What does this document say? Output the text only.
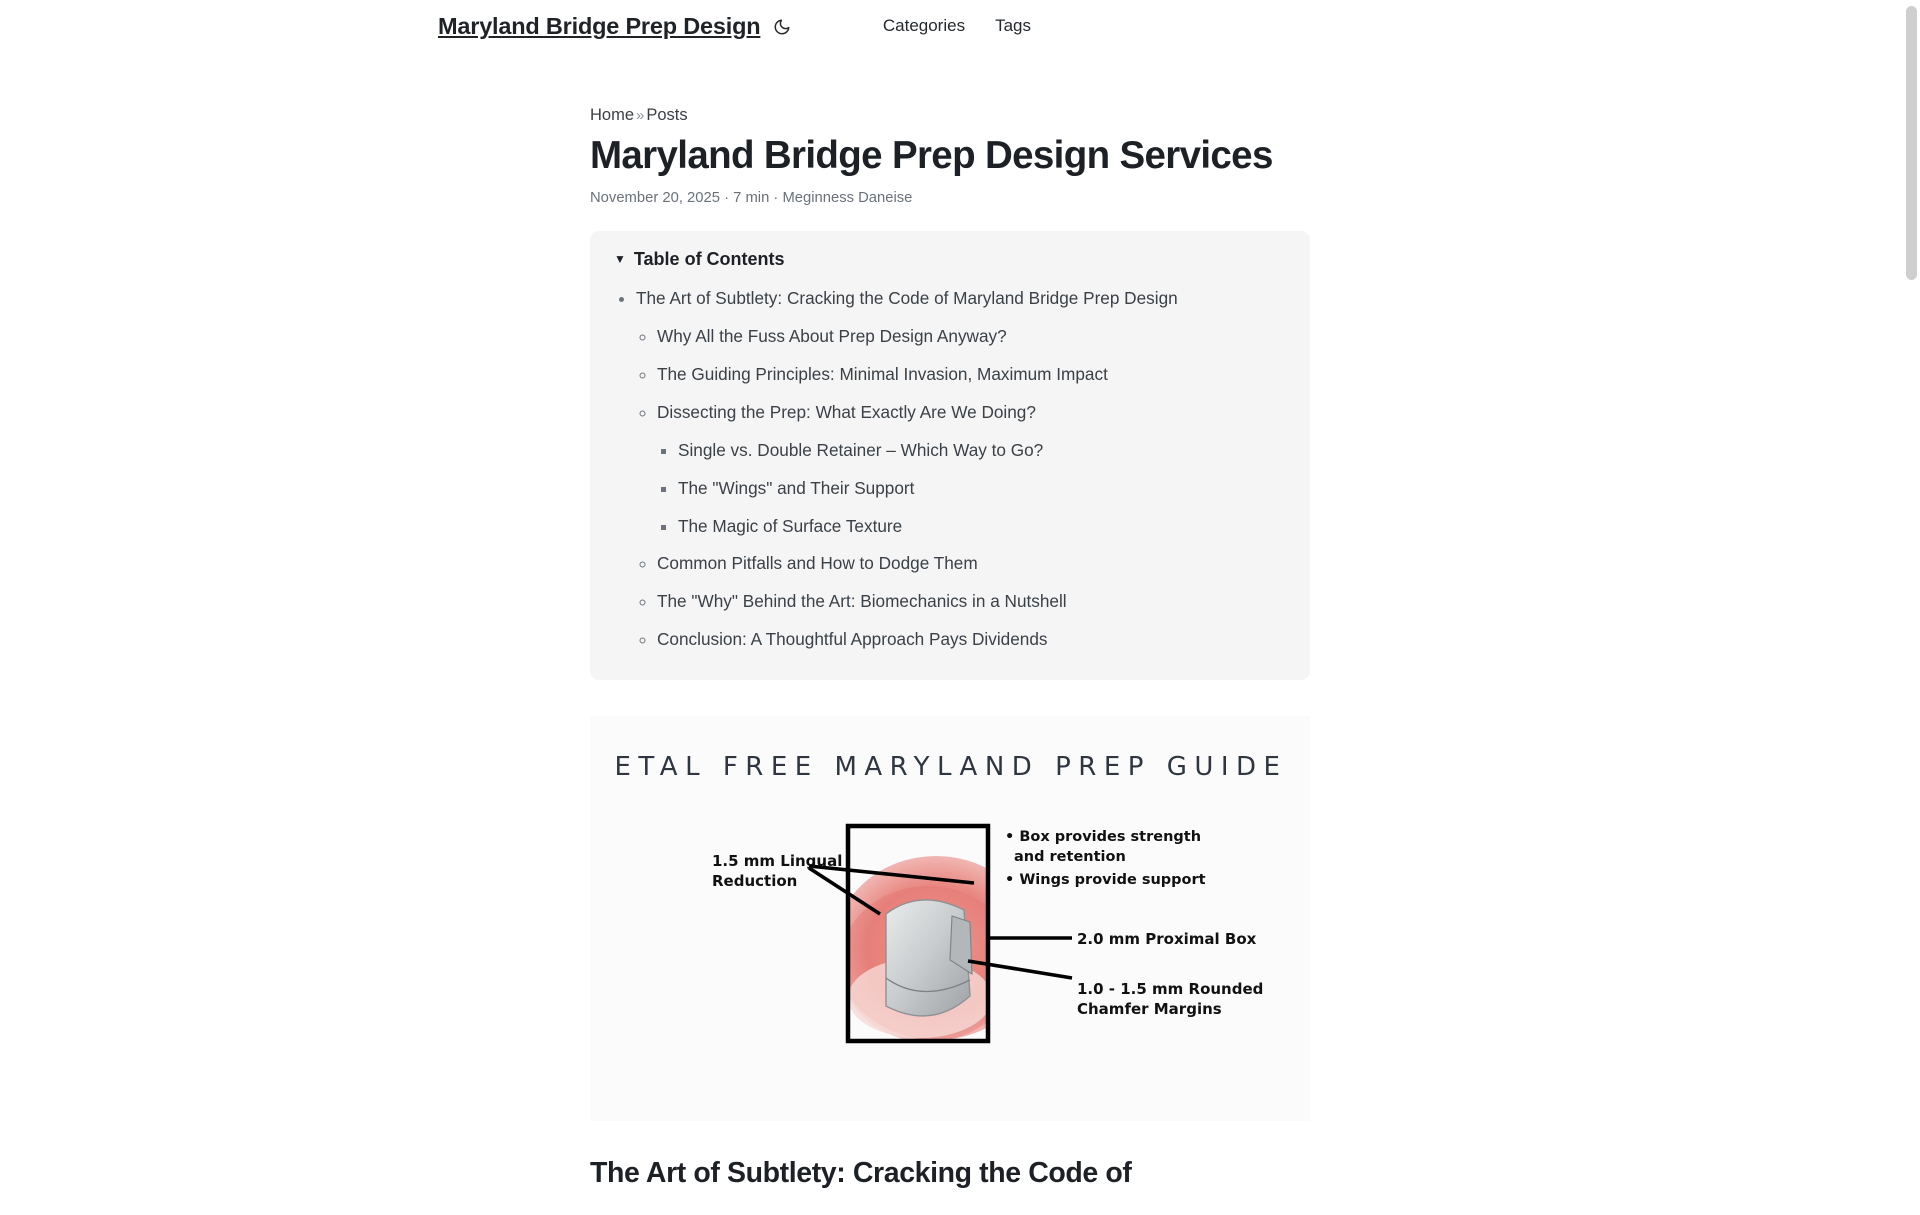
Maryland Bridge Prep Design	Categories Tags
Home » Posts
Maryland Bridge Prep Design Services
November 20, 2025 · 7 min · Meginness Daneise
▼ Table of Contents
• The Art of Subtlety: Cracking the Code of Maryland Bridge Prep Design
◦ Why All the Fuss About Prep Design Anyway?
◦ The Guiding Principles: Minimal Invasion, Maximum Impact
◦ Dissecting the Prep: What Exactly Are We Doing?
▪ Single vs. Double Retainer – Which Way to Go?
▪ The "Wings" and Their Support
▪ The Magic of Surface Texture
◦ Common Pitfalls and How to Dodge Them
◦ The "Why" Behind the Art: Biomechanics in a Nutshell
◦ Conclusion: A Thoughtful Approach Pays Dividends
ETAL FREE MARYLAND PREP GUIDE
1.5 mm Lingual
Reduction
• Box provides strength
and retention
• Wings provide support
2.0 mm Proximal Box
1.0 - 1.5 mm Rounded
Chamfer Margins
The Art of Subtlety: Cracking the Code of
